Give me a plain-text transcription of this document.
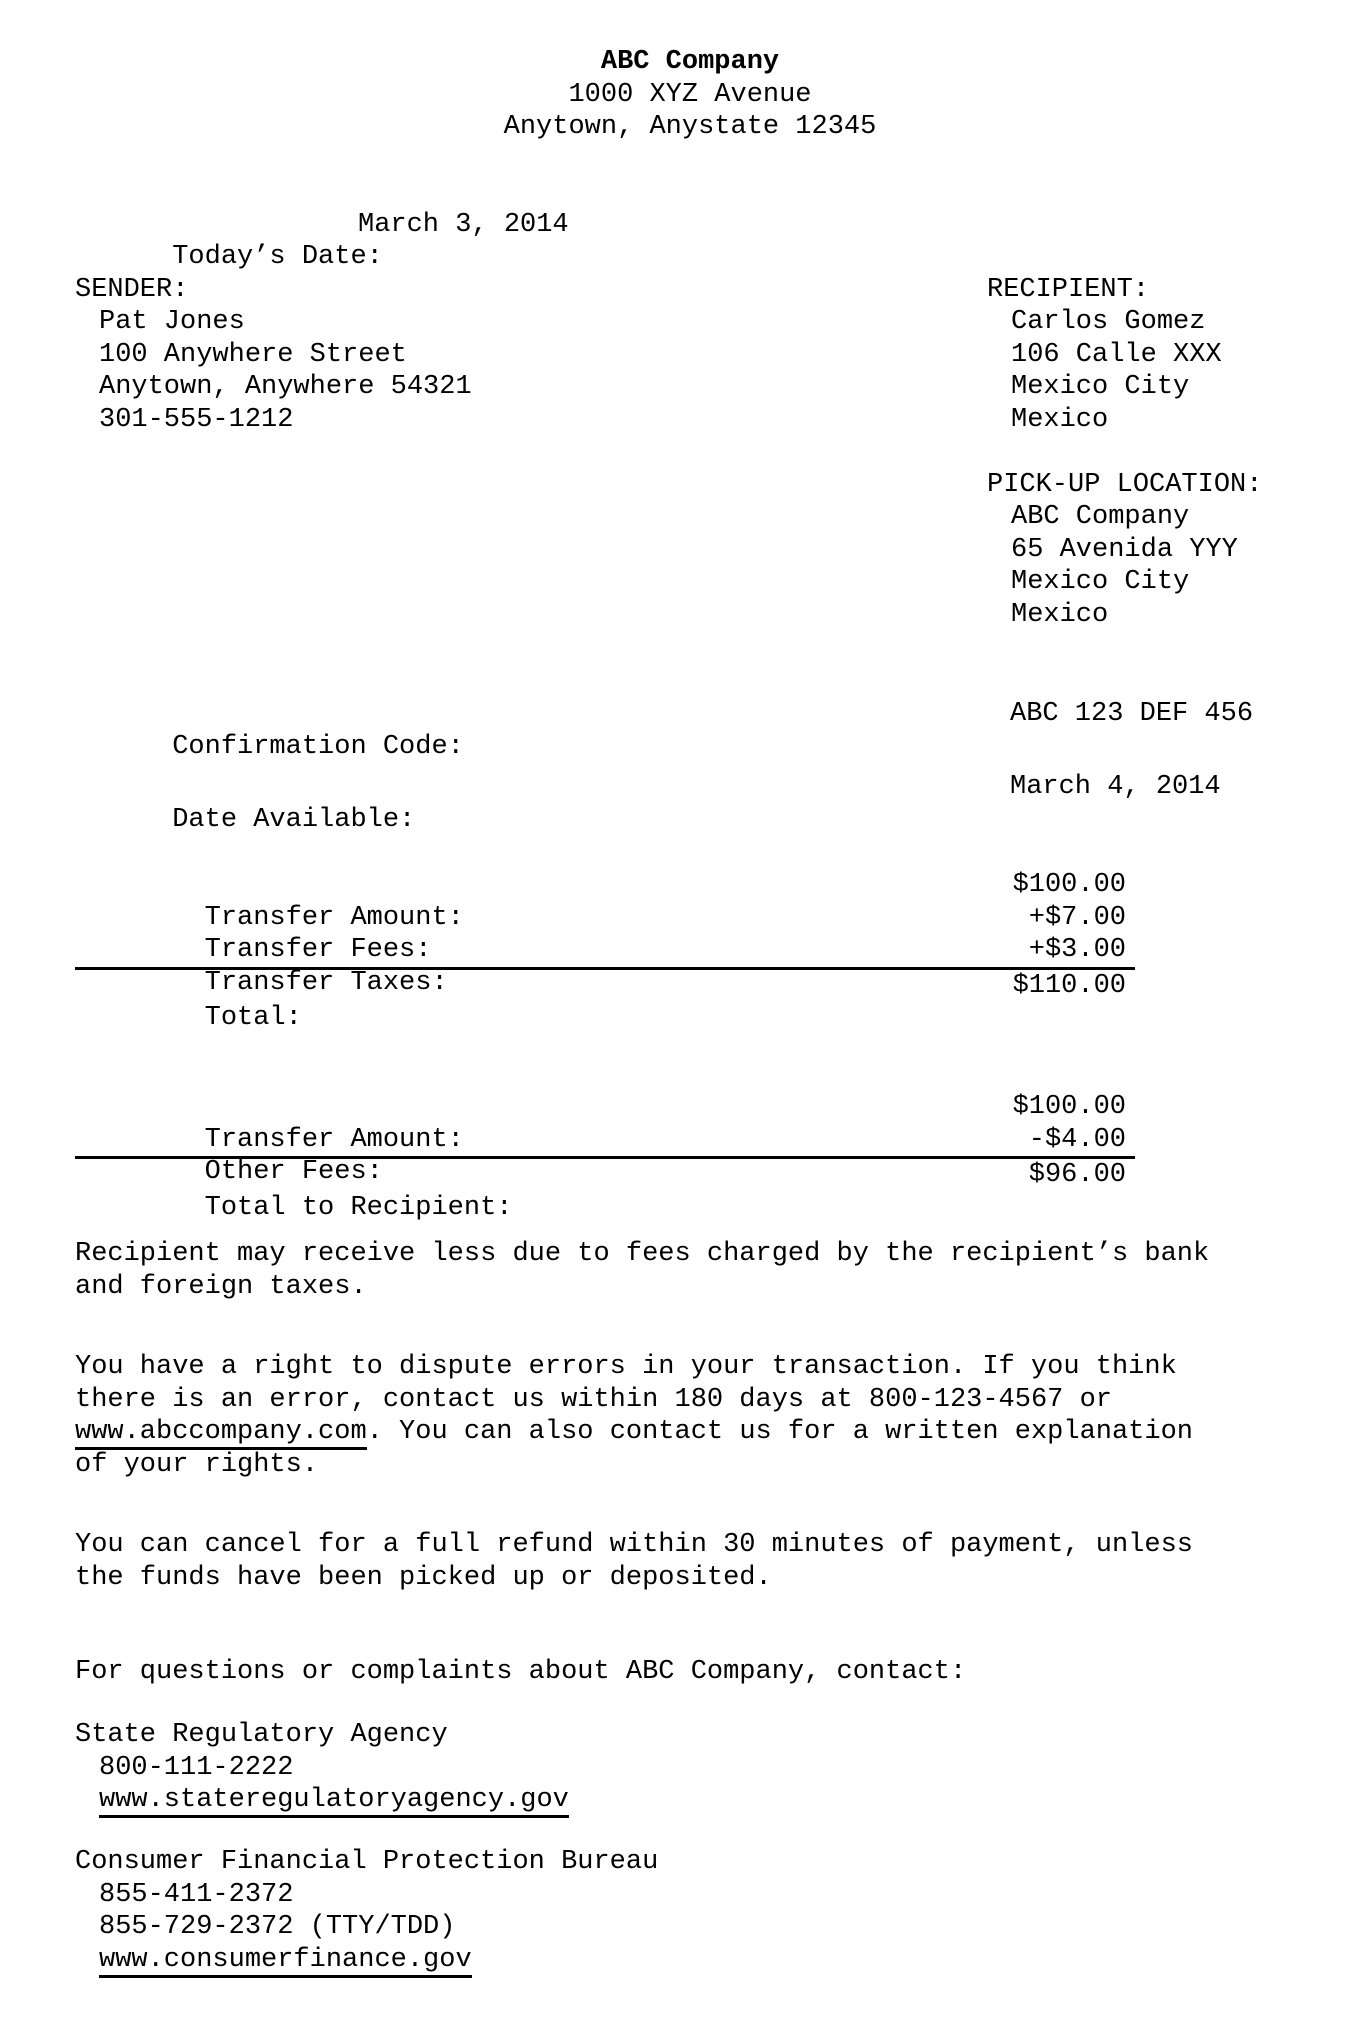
ABC Company
1000 XYZ Avenue
Anytown, Anystate 12345

Today’s Date:

March 3, 2014

SENDER:
Pat Jones
100 Anywhere Street
Anytown, Anywhere 54321
301-555-1212
RECIPIENT:
Carlos Gomez
106 Calle XXX
Mexico City
Mexico
PICK-UP LOCATION:
ABC Company
65 Avenida YYY
Mexico City
Mexico

Confirmation Code:

ABC 123 DEF 456

Date Available:

March 4, 2014

Transfer Amount:

$100.00

Transfer Fees:

+$7.00

Transfer Taxes:

+$3.00

Total:

$110.00

Transfer Amount:

$100.00

Other Fees:

-$4.00

Total to Recipient:

$96.00

Recipient may receive less due to fees charged by the recipient’s bank
and foreign taxes.
You have a right to dispute errors in your transaction. If you think
there is an error, contact us within 180 days at 800-123-4567 or
www.abccompany.com. You can also contact us for a written explanation
of your rights.
You can cancel for a full refund within 30 minutes of payment, unless
the funds have been picked up or deposited.
For questions or complaints about ABC Company, contact:
State Regulatory Agency
800-111-2222
www.stateregulatoryagency.gov
Consumer Financial Protection Bureau
855-411-2372
855-729-2372 (TTY/TDD)
www.consumerfinance.gov
